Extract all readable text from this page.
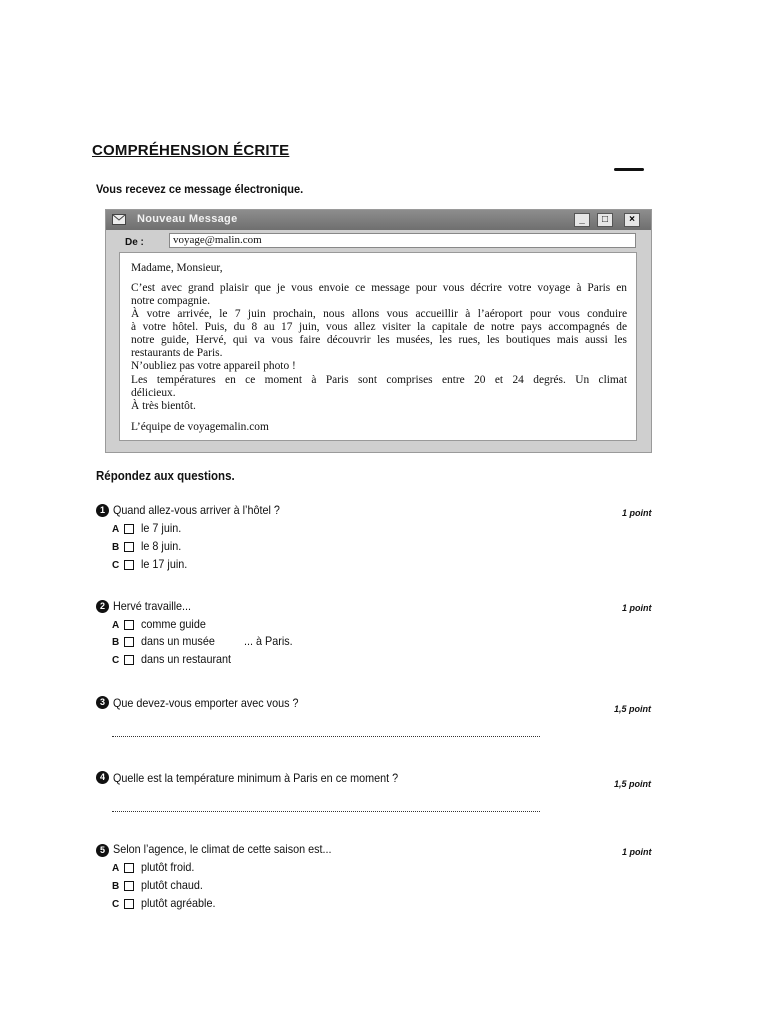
COMPRÉHENSION ÉCRITE
Vous recevez ce message électronique.
Nouveau Message	_	□	×
De :	voyage@malin.com
Madame, Monsieur,
C’est avec grand plaisir que je vous envoie ce message pour vous décrire votre voyage à Paris en
notre compagnie.
À votre arrivée, le 7 juin prochain, nous allons vous accueillir à l’aéroport pour vous conduire
à votre hôtel. Puis, du 8 au 17 juin, vous allez visiter la capitale de notre pays accompagnés de
notre guide, Hervé, qui va vous faire découvrir les musées, les rues, les boutiques mais aussi les
restaurants de Paris.
N’oubliez pas votre appareil photo !
Les températures en ce moment à Paris sont comprises entre 20 et 24 degrés. Un climat
délicieux.
À très bientôt.
L’équipe de voyagemalin.com
Répondez aux questions.
1 Quand allez-vous arriver à l’hôtel ?	1 point
A le 7 juin.
B le 8 juin.
C le 17 juin.
2 Hervé travaille...	1 point
A comme guide
B dans un musée ... à Paris.
C dans un restaurant
3 Que devez-vous emporter avec vous ?	1,5 point
4 Quelle est la température minimum à Paris en ce moment ?	1,5 point
5 Selon l’agence, le climat de cette saison est...	1 point
A plutôt froid.
B plutôt chaud.
C plutôt agréable.
